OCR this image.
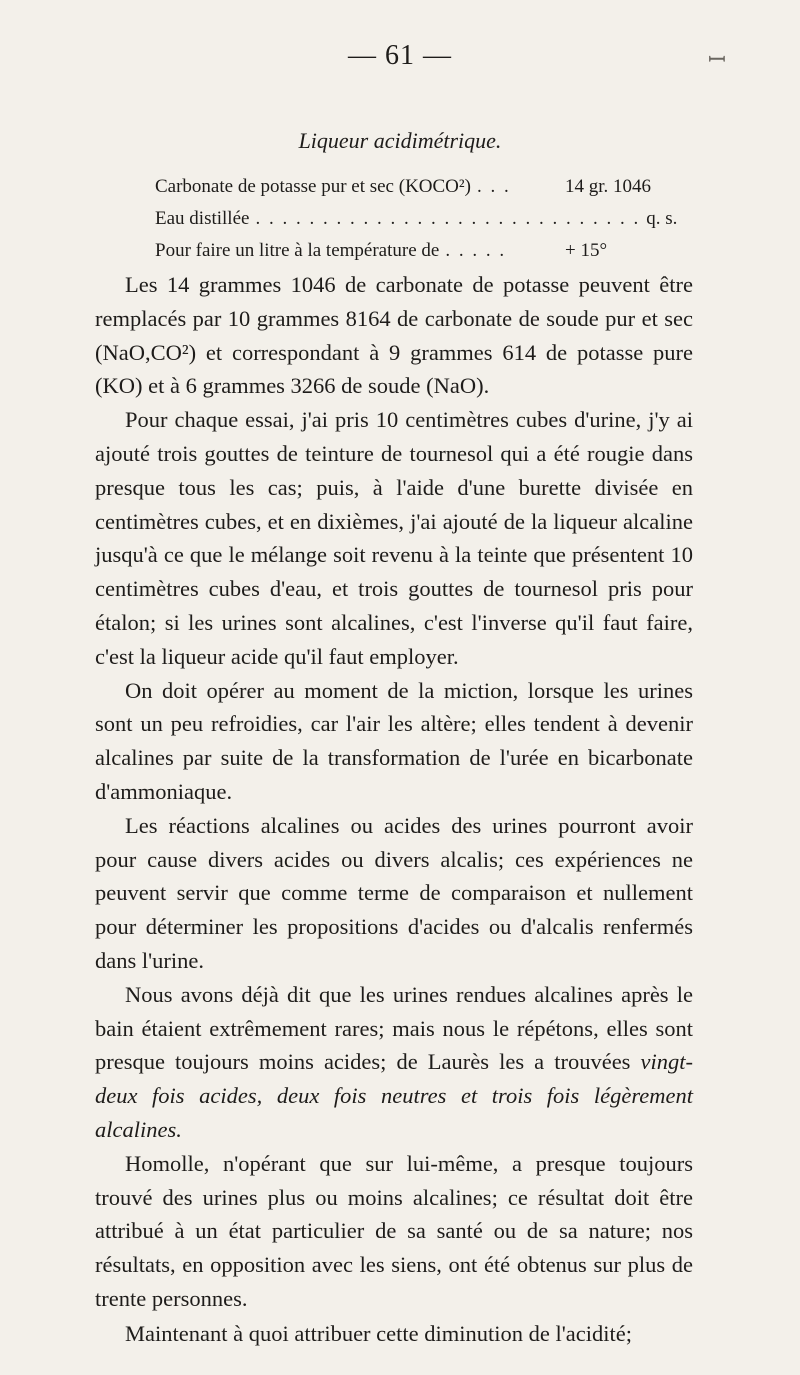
— 61 —	ꟷ
Liqueur acidimétrique.
Carbonate de potasse pur et sec (KOCO²) . . .	14 gr. 1046
Eau distillée . . . . . . . . . . . . . . . . . . . . . . . . . . . . . q. s.
Pour faire un litre à la température de . . . . .	+ 15°

Les 14 grammes 1046 de carbonate de potasse peuvent être remplacés par 10 grammes 8164 de carbonate de soude pur et sec (NaO,CO²) et correspondant à 9 grammes 614 de potasse pure (KO) et à 6 grammes 3266 de soude (NaO).

Pour chaque essai, j'ai pris 10 centimètres cubes d'urine, j'y ai ajouté trois gouttes de teinture de tournesol qui a été rougie dans presque tous les cas; puis, à l'aide d'une burette divisée en centimètres cubes, et en dixièmes, j'ai ajouté de la liqueur alcaline jusqu'à ce que le mélange soit revenu à la teinte que présentent 10 centimètres cubes d'eau, et trois gouttes de tournesol pris pour étalon; si les urines sont alcalines, c'est l'inverse qu'il faut faire, c'est la liqueur acide qu'il faut employer.

On doit opérer au moment de la miction, lorsque les urines sont un peu refroidies, car l'air les altère; elles tendent à devenir alcalines par suite de la transformation de l'urée en bicarbonate d'ammoniaque.

Les réactions alcalines ou acides des urines pourront avoir pour cause divers acides ou divers alcalis; ces expériences ne peuvent servir que comme terme de comparaison et nullement pour déterminer les propositions d'acides ou d'alcalis renfermés dans l'urine.

Nous avons déjà dit que les urines rendues alcalines après le bain étaient extrêmement rares; mais nous le répétons, elles sont presque toujours moins acides; de Laurès les a trouvées vingt-deux fois acides, deux fois neutres et trois fois légèrement alcalines.

Homolle, n'opérant que sur lui-même, a presque toujours trouvé des urines plus ou moins alcalines; ce résultat doit être attribué à un état particulier de sa santé ou de sa nature; nos résultats, en opposition avec les siens, ont été obtenus sur plus de trente personnes.

Maintenant à quoi attribuer cette diminution de l'acidité;
